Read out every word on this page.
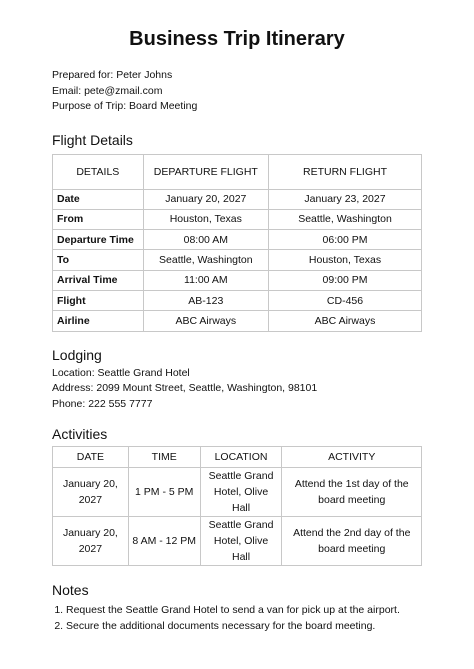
Business Trip Itinerary
Prepared for: Peter Johns
Email: pete@zmail.com
Purpose of Trip: Board Meeting
Flight Details
DETAILS	DEPARTURE FLIGHT	RETURN FLIGHT
Date	January 20, 2027	January 23, 2027
From	Houston, Texas	Seattle, Washington
Departure Time	08:00 AM	06:00 PM
To	Seattle, Washington	Houston, Texas
Arrival Time	11:00 AM	09:00 PM
Flight	AB-123	CD-456
Airline	ABC Airways	ABC Airways
Lodging
Location: Seattle Grand Hotel
Address: 2099 Mount Street, Seattle, Washington, 98101
Phone: 222 555 7777
Activities
DATE	TIME	LOCATION	ACTIVITY
January 20, 2027	1 PM - 5 PM	Seattle Grand Hotel, Olive Hall	Attend the 1st day of the board meeting
January 20, 2027	8 AM - 12 PM	Seattle Grand Hotel, Olive Hall	Attend the 2nd day of the board meeting
Notes
1. Request the Seattle Grand Hotel to send a van for pick up at the airport.
2. Secure the additional documents necessary for the board meeting.
